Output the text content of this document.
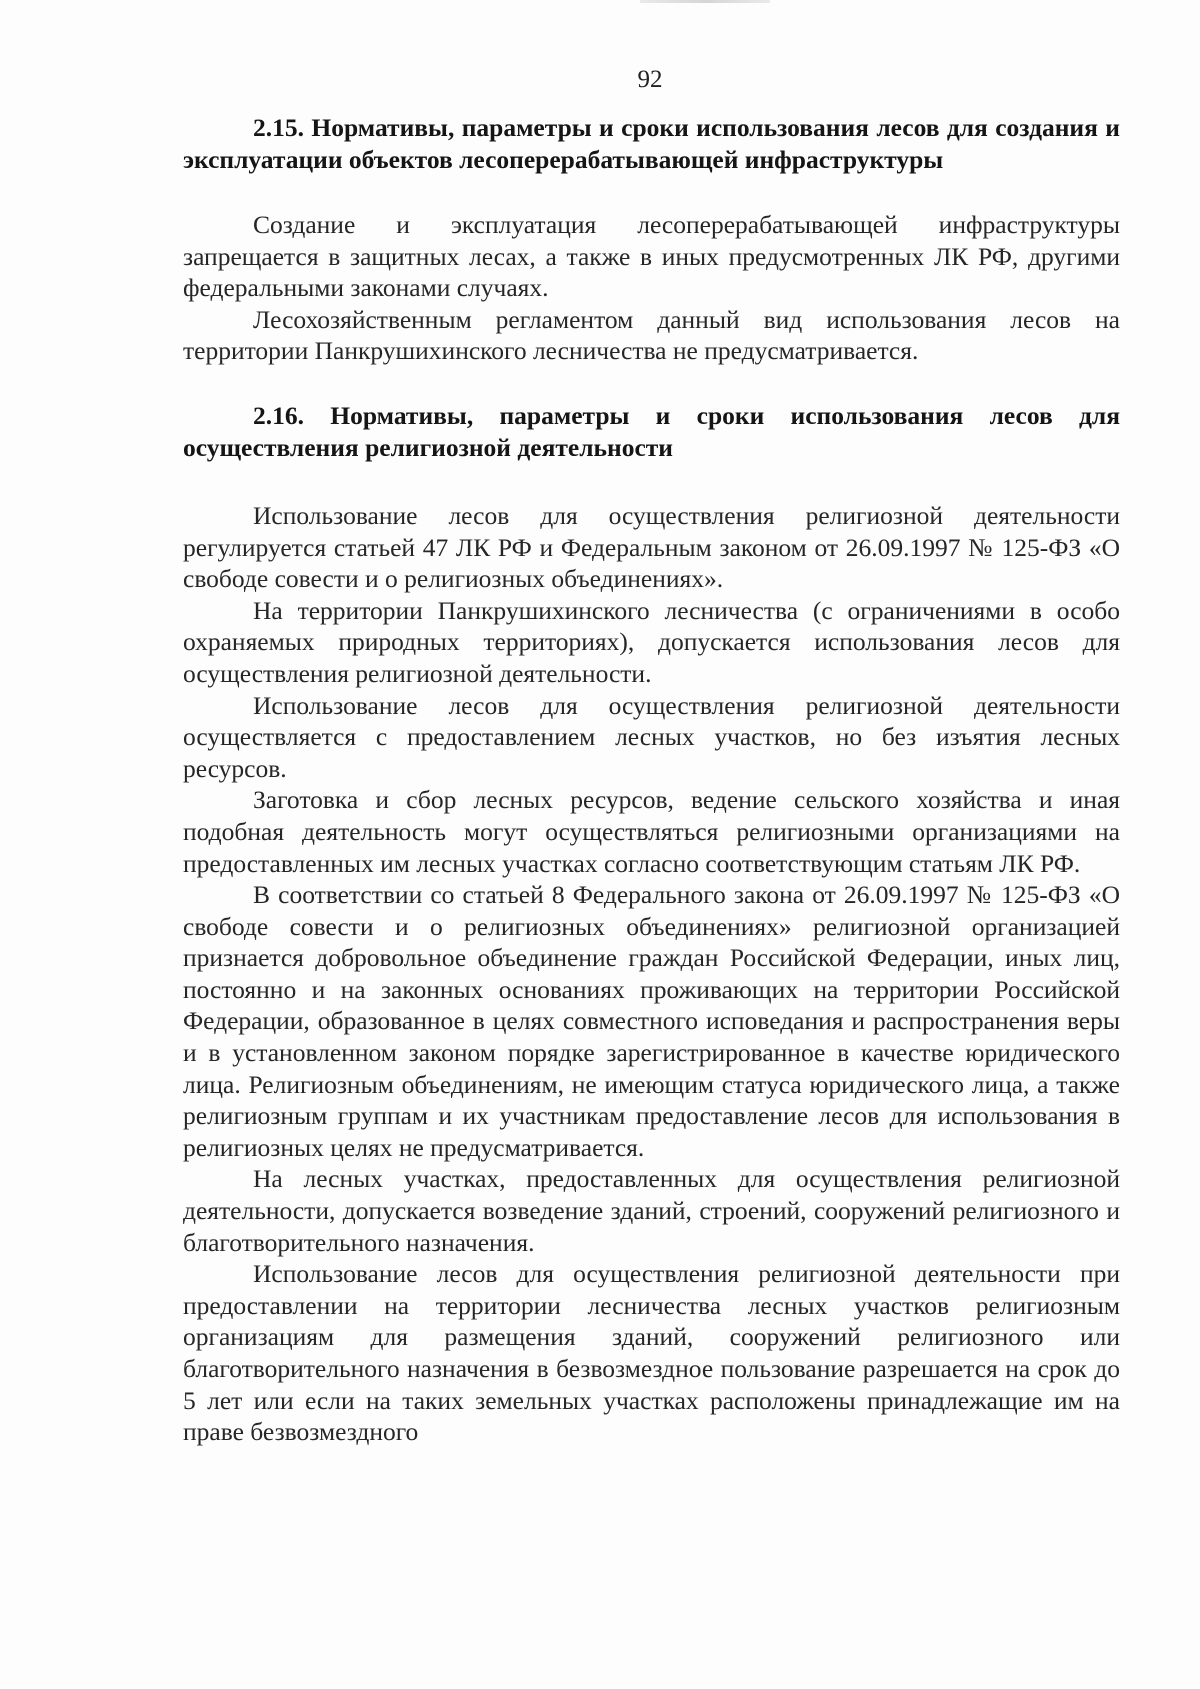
92

2.15. Нормативы, параметры и сроки использования лесов для создания и эксплуатации объектов лесоперерабатывающей инфраструктуры

Создание и эксплуатация лесоперерабатывающей инфраструктуры запрещается в защитных лесах, а также в иных предусмотренных ЛК РФ, другими федеральными законами случаях.

Лесохозяйственным регламентом данный вид использования лесов на территории Панкрушихинского лесничества не предусматривается.

2.16. Нормативы, параметры и сроки использования лесов для осуществления религиозной деятельности

Использование лесов для осуществления религиозной деятельности регулируется статьей 47 ЛК РФ и Федеральным законом от 26.09.1997 № 125-ФЗ «О свободе совести и о религиозных объединениях».

На территории Панкрушихинского лесничества (с ограничениями в особо охраняемых природных территориях), допускается использования лесов для осуществления религиозной деятельности.

Использование лесов для осуществления религиозной деятельности осуществляется с предоставлением лесных участков, но без изъятия лесных ресурсов.

Заготовка и сбор лесных ресурсов, ведение сельского хозяйства и иная подобная деятельность могут осуществляться религиозными организациями на предоставленных им лесных участках согласно соответствующим статьям ЛК РФ.

В соответствии со статьей 8 Федерального закона от 26.09.1997 № 125-ФЗ «О свободе совести и о религиозных объединениях» религиозной организацией признается добровольное объединение граждан Российской Федерации, иных лиц, постоянно и на законных основаниях проживающих на территории Российской Федерации, образованное в целях совместного исповедания и распространения веры и в установленном законом порядке зарегистрированное в качестве юридического лица. Религиозным объединениям, не имеющим статуса юридического лица, а также религиозным группам и их участникам предоставление лесов для использования в религиозных целях не предусматривается.

На лесных участках, предоставленных для осуществления религиозной деятельности, допускается возведение зданий, строений, сооружений религиозного и благотворительного назначения.

Использование лесов для осуществления религиозной деятельности при предоставлении на территории лесничества лесных участков религиозным организациям для размещения зданий, сооружений религиозного или благотворительного назначения в безвозмездное пользование разрешается на срок до 5 лет или если на таких земельных участках расположены принадлежащие им на праве безвозмездного
